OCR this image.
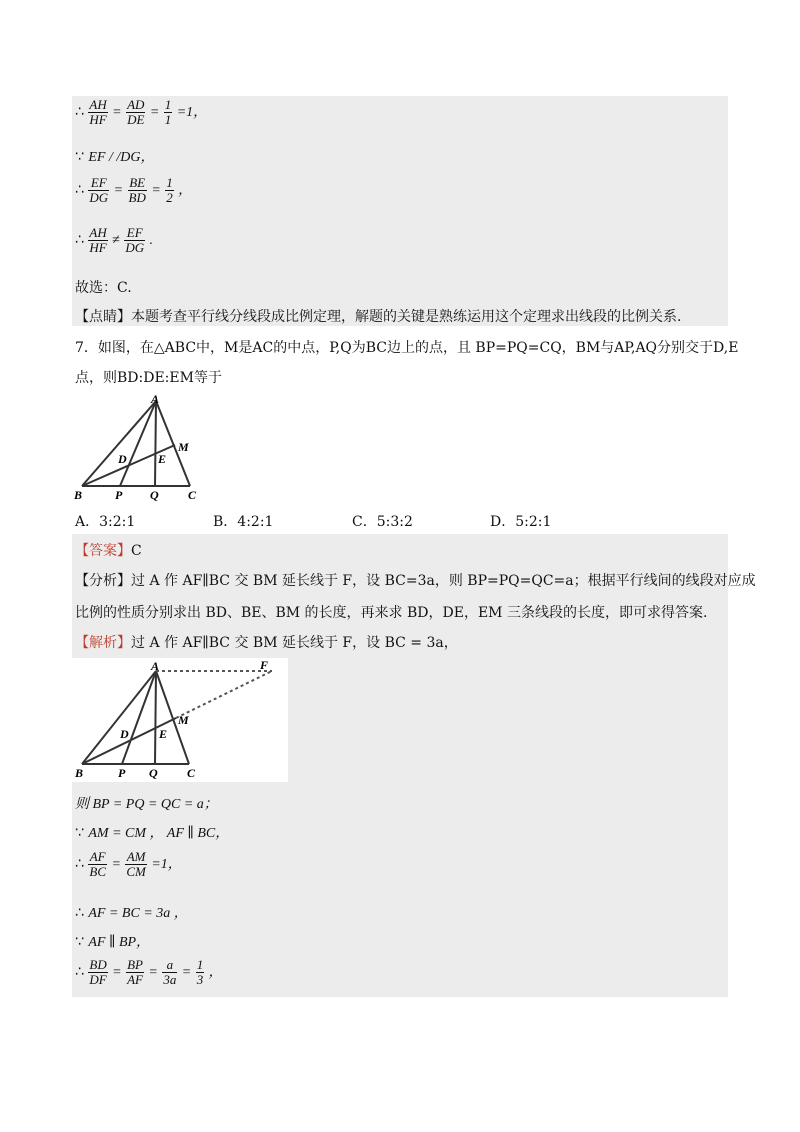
∴ $\frac{AH}{HF} = \frac{AD}{DE} = \frac{1}{1} =1$，
∵ EF / /DG，
∴ $\frac{EF}{DG} = \frac{BE}{BD} = \frac{1}{2}$ ，
∴ $\frac{AH}{HF} \ne \frac{EF}{DG}$ .
故选：C.
【点睛】本题考查平行线分线段成比例定理，解题的关键是熟练运用这个定理求出线段的比例关系.
7．如图，在△ABC中，M是AC的中点，P,Q为BC边上的点，且 BP=PQ=CQ，BM与AP,AQ分别交于D,E
点，则BD:DE:EM等于
A
B	C
P Q
D	E
M
A．3:2:1	B．4:2:1	C．5:3:2	D．5:2:1
【答案】C
【分析】过 A 作 AF∥BC 交 BM 延长线于 F，设 BC=3a，则 BP=PQ=QC=a；根据平行线间的线段对应成
比例的性质分别求出 BD、BE、BM 的长度，再来求 BD，DE，EM 三条线段的长度，即可求得答案.
【解析】过 A 作 AF∥BC 交 BM 延长线于 F，设 BC = 3a，
A	F
B	C
P Q
D	E
M
则 BP = PQ = QC = a；
∵ AM = CM ， AF ∥ BC，
∴ $\frac{AF}{BC} = \frac{AM}{CM} =1$，
∴ AF = BC = 3a ，
∵ AF ∥ BP，
∴ $\frac{BD}{DF} = \frac{BP}{AF} = \frac{a}{3a} = \frac{1}{3}$ ，
